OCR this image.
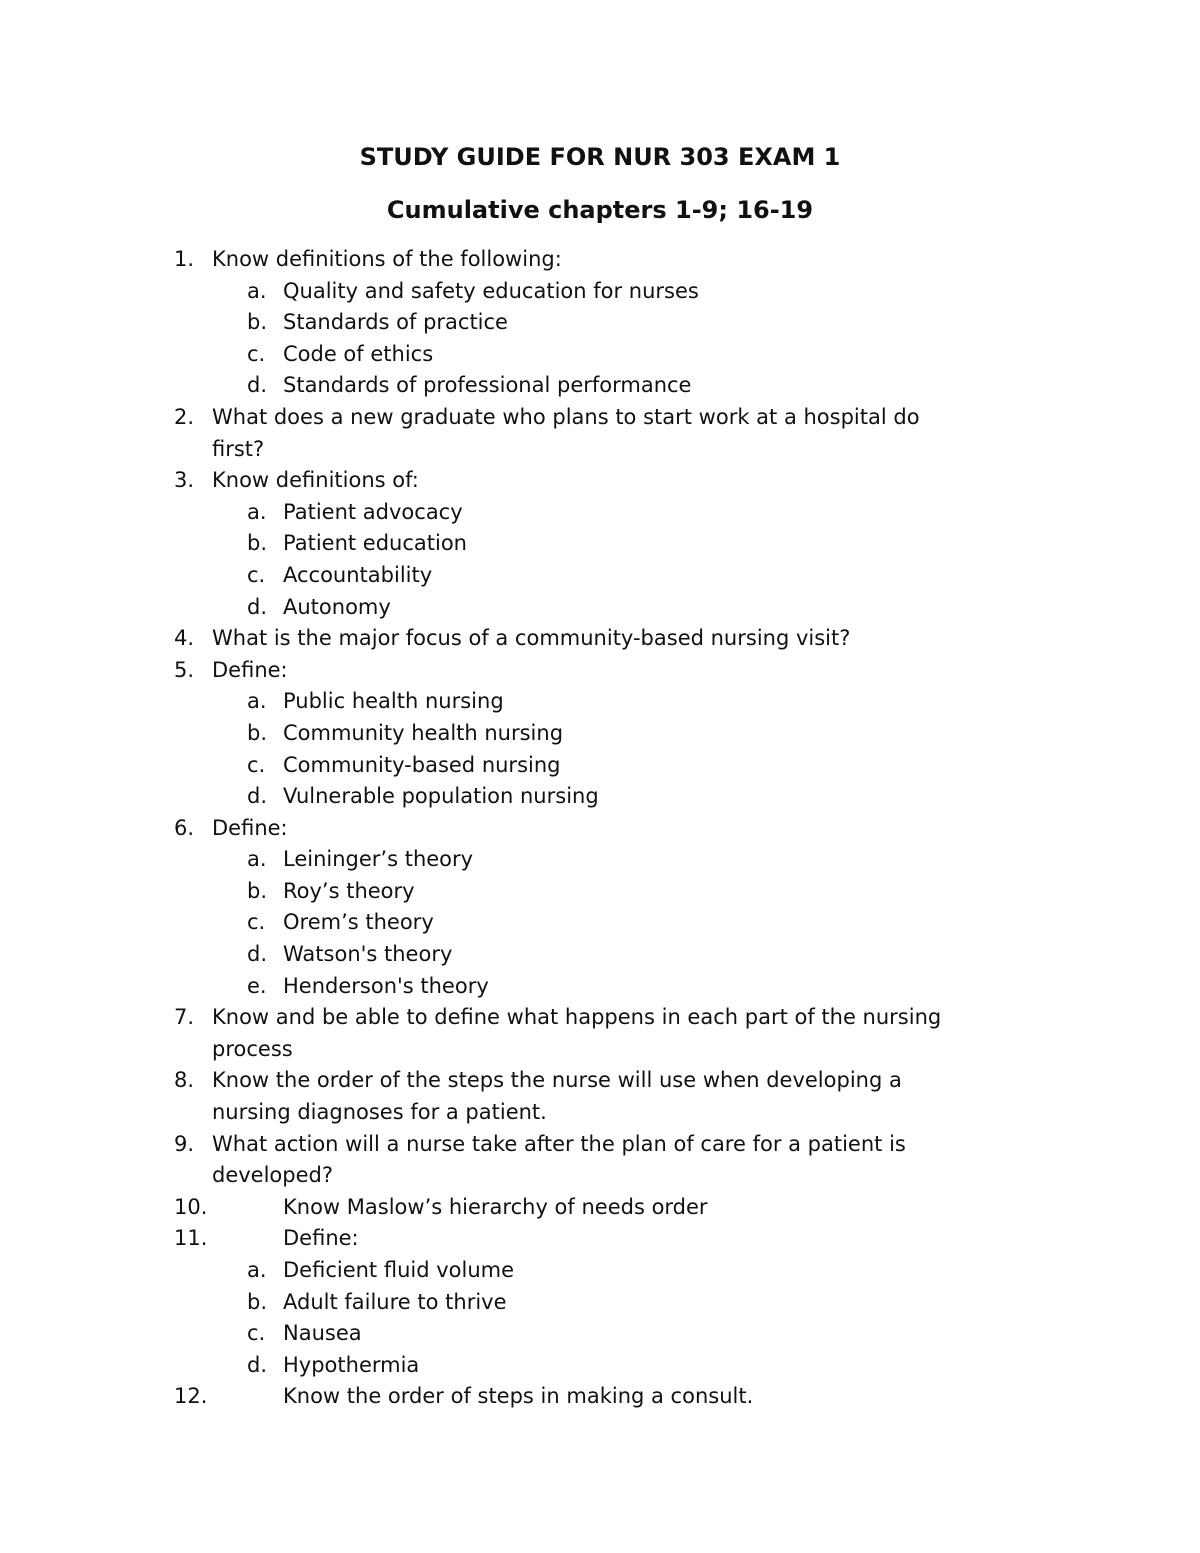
STUDY GUIDE FOR NUR 303 EXAM 1
Cumulative chapters 1-9; 16-19
1. Know definitions of the following:
a. Quality and safety education for nurses
b. Standards of practice
c. Code of ethics
d. Standards of professional performance
2. What does a new graduate who plans to start work at a hospital do
first?
3. Know definitions of:
a. Patient advocacy
b. Patient education
c. Accountability
d. Autonomy
4. What is the major focus of a community-based nursing visit?
5. Define:
a. Public health nursing
b. Community health nursing
c. Community-based nursing
d. Vulnerable population nursing
6. Define:
a. Leininger’s theory
b. Roy’s theory
c. Orem’s theory
d. Watson's theory
e. Henderson's theory
7. Know and be able to define what happens in each part of the nursing
process
8. Know the order of the steps the nurse will use when developing a
nursing diagnoses for a patient.
9. What action will a nurse take after the plan of care for a patient is
developed?
10.	Know Maslow’s hierarchy of needs order
11.	Define:
a. Deficient fluid volume
b. Adult failure to thrive
c. Nausea
d. Hypothermia
12.	Know the order of steps in making a consult.
